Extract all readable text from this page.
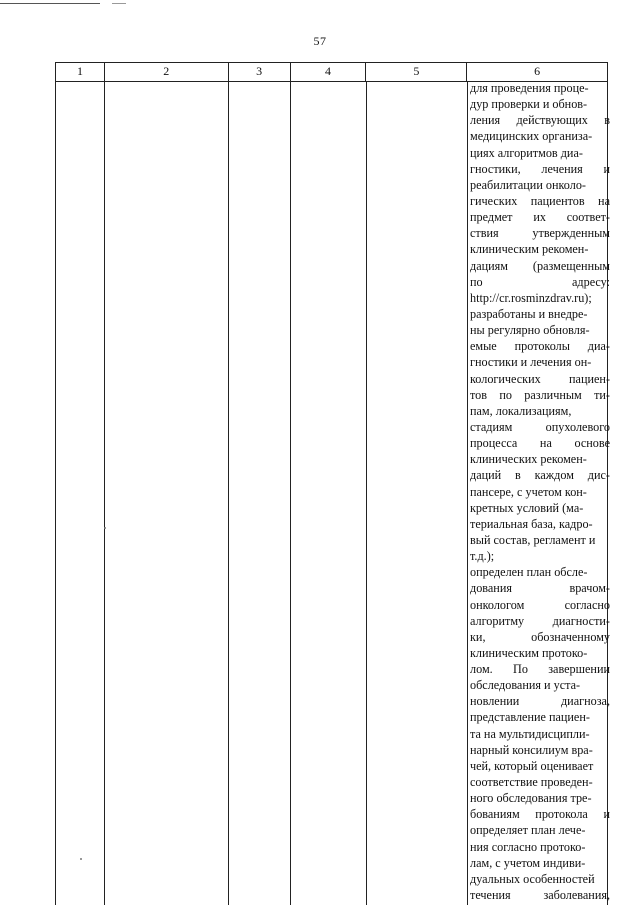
57
1	2	3	4	5	6
для проведения проце-
дур проверки и обнов-
ления действующих в
медицинских организа-
циях алгоритмов диа-
гностики, лечения и
реабилитации онколо-
гических пациентов на
предмет их соответ-
ствия утвержденным
клиническим рекомен-
дациям (размещенным
по адресу:
http://cr.rosminzdrav.ru);
разработаны и внедре-
ны регулярно обновля-
емые протоколы диа-
гностики и лечения он-
кологических пациен-
тов по различным ти-
пам, локализациям,
стадиям опухолевого
процесса на основе
клинических рекомен-
даций в каждом дис-
пансере, с учетом кон-
кретных условий (ма-
териальная база, кадро-
вый состав, регламент и
т.д.);
определен план обсле-
дования врачом-
онкологом согласно
алгоритму диагности-
ки, обозначенному
клиническим протоко-
лом. По завершении
обследования и уста-
новлении диагноза,
представление пациен-
та на мультидисципли-
нарный консилиум вра-
чей, который оценивает
соответствие проведен-
ного обследования тре-
бованиям протокола и
определяет план лече-
ния согласно протоко-
лам, с учетом индиви-
дуальных особенностей
течения заболевания,
